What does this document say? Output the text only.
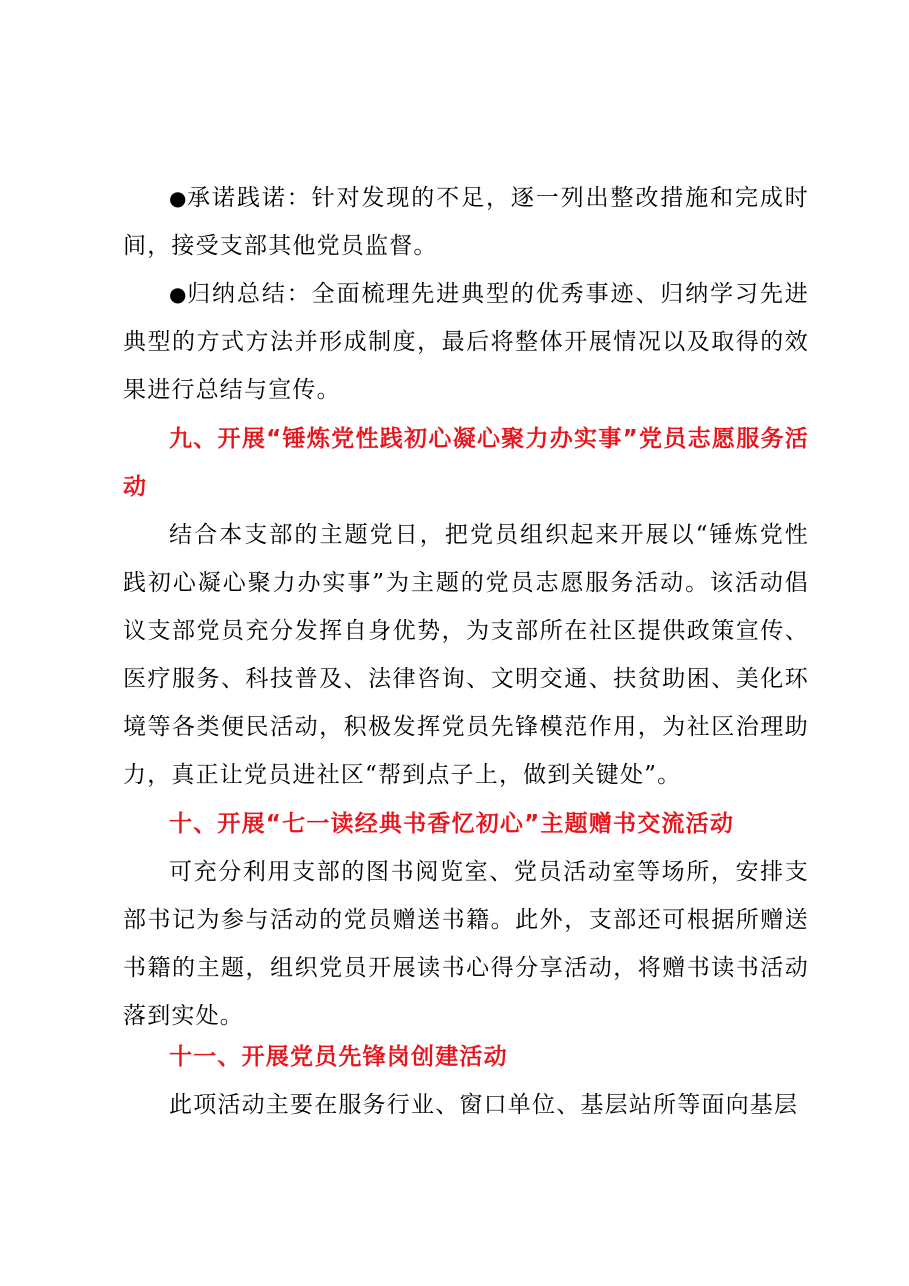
●承诺践诺：针对发现的不足，逐一列出整改措施和完成时间，接受支部其他党员监督。

●归纳总结：全面梳理先进典型的优秀事迹、归纳学习先进典型的方式方法并形成制度，最后将整体开展情况以及取得的效果进行总结与宣传。

九、开展“锤炼党性践初心凝心聚力办实事”党员志愿服务活动

结合本支部的主题党日，把党员组织起来开展以“锤炼党性践初心凝心聚力办实事”为主题的党员志愿服务活动。该活动倡议支部党员充分发挥自身优势，为支部所在社区提供政策宣传、医疗服务、科技普及、法律咨询、文明交通、扶贫助困、美化环境等各类便民活动，积极发挥党员先锋模范作用，为社区治理助力，真正让党员进社区“帮到点子上，做到关键处”。

十、开展“七一读经典书香忆初心”主题赠书交流活动

可充分利用支部的图书阅览室、党员活动室等场所，安排支部书记为参与活动的党员赠送书籍。此外，支部还可根据所赠送书籍的主题，组织党员开展读书心得分享活动，将赠书读书活动落到实处。

十一、开展党员先锋岗创建活动

此项活动主要在服务行业、窗口单位、基层站所等面向基层
